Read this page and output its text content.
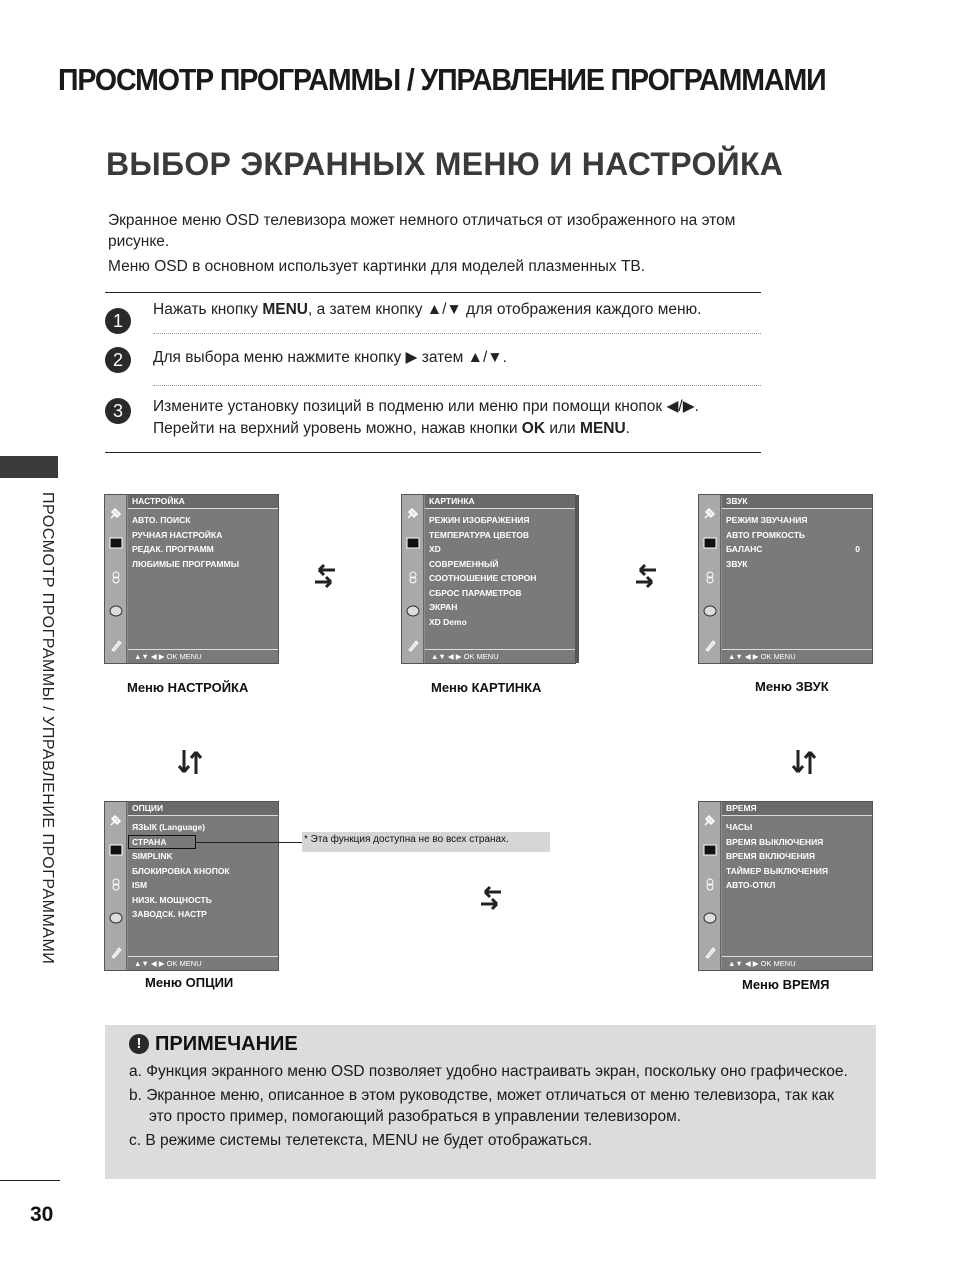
ПРОСМОТР ПРОГРАММЫ / УПРАВЛЕНИЕ ПРОГРАММАМИ
ВЫБОР ЭКРАННЫХ МЕНЮ И НАСТРОЙКА

Экранное меню OSD телевизора может немного отличаться от изображенного на этом рисунке.

Меню OSD в основном использует картинки для моделей плазменных ТВ.

1
Нажать кнопку MENU, а затем кнопку ▲/▼ для отображения каждого меню.
2	Для выбора меню нажмите кнопку ▶ затем ▲/▼.
3	Измените установку позиций в подменю или меню при помощи кнопок ◀/▶.
Перейти на верхний уровень можно, нажав кнопки OK или MENU.
ПРОСМОТР ПРОГРАММЫ / УПРАВЛЕНИЕ ПРОГРАММАМИ	НАСТРОЙКА
АВТО. ПОИСК
РУЧНАЯ НАСТРОЙКА
РЕДАК. ПРОГРАММ
ЛЮБИМЫЕ ПРОГРАММЫ
▲▼ ◀ ▶ OK MENU
Меню НАСТРОЙКА
КАРТИНКА
РЕЖИН ИЗОБРАЖЕНИЯ
ТЕМПЕРАТУРА ЦВЕТОВ
XD
СОВРЕМЕННЫЙ
СООТНОШЕНИЕ СТОРОН
СБРОС ПАРАМЕТРОВ
ЭКРАН
XD Demo
▲▼ ◀ ▶ OK MENU
Меню КАРТИНКА
ЗВУК
РЕЖИМ ЗВУЧАНИЯ
АВТО ГРОМКОСТЬ
БАЛАНС	0
ЗВУК
▲▼ ◀ ▶ OK MENU
Меню ЗВУК
ОПЦИИ
ЯЗЫК (Language)
СТРАНА
SIMPLINK
БЛОКИРОВКА КНОПОК
ISM
НИЗК. МОЩНОСТЬ
ЗАВОДСК. НАСТР
▲▼ ◀ ▶ OK MENU
* Эта функция доступна не во всех странах.
Меню ОПЦИИ
ВРЕМЯ
ЧАСЫ
ВРЕМЯ ВЫКЛЮЧЕНИЯ
ВРЕМЯ ВКЛЮЧЕНИЯ
ТАЙМЕР ВЫКЛЮЧЕНИЯ
АВТО-ОТКЛ
▲▼ ◀ ▶ OK MENU
Меню ВРЕМЯ
! ПРИМЕЧАНИЕ
a. Функция экранного меню OSD позволяет удобно настраивать экран, поскольку оно графическое.
b. Экранное меню, описанное в этом руководстве, может отличаться от меню телевизора, так как это просто пример, помогающий разобраться в управлении телевизором.
c. В режиме системы телетекста, MENU не будет отображаться.
30
